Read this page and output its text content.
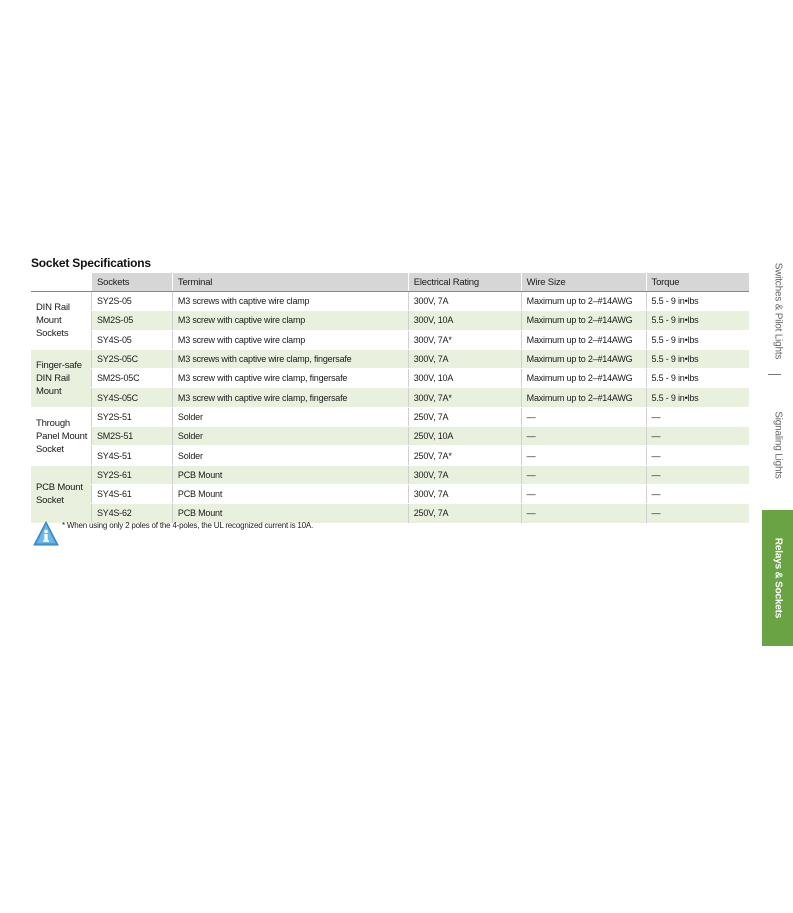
Socket Specifications
	Sockets	Terminal	Electrical Rating	Wire Size	Torque
DIN Rail Mount Sockets	SY2S-05	M3 screws with captive wire clamp	300V, 7A	Maximum up to 2–#14AWG	5.5 - 9 in•lbs
	SM2S-05	M3 screw with captive wire clamp	300V, 10A	Maximum up to 2–#14AWG	5.5 - 9 in•lbs
	SY4S-05	M3 screw with captive wire clamp	300V, 7A*	Maximum up to 2–#14AWG	5.5 - 9 in•lbs
Finger-safe DIN Rail Mount	SY2S-05C	M3 screws with captive wire clamp, fingersafe	300V, 7A	Maximum up to 2–#14AWG	5.5 - 9 in•lbs
	SM2S-05C	M3 screw with captive wire clamp, fingersafe	300V, 10A	Maximum up to 2–#14AWG	5.5 - 9 in•lbs
	SY4S-05C	M3 screw with captive wire clamp, fingersafe	300V, 7A*	Maximum up to 2–#14AWG	5.5 - 9 in•lbs
Through Panel Mount Socket	SY2S-51	Solder	250V, 7A	—	—
	SM2S-51	Solder	250V, 10A	—	—
	SY4S-51	Solder	250V, 7A*	—	—
PCB Mount Socket	SY2S-61	PCB Mount	300V, 7A	—	—
	SY4S-61	PCB Mount	300V, 7A	—	—
	SY4S-62	PCB Mount	250V, 7A	—	—
* When using only 2 poles of the 4-poles, the UL recognized current is 10A.
Switches & Pilot Lights
Signaling Lights
Relays & Sockets
